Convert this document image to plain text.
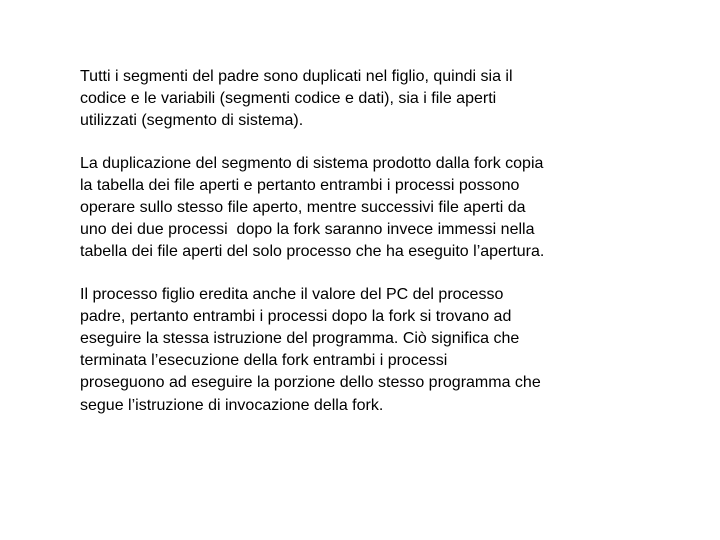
Tutti i segmenti del padre sono duplicati nel figlio, quindi sia il
codice e le variabili (segmenti codice e dati), sia i file aperti
utilizzati (segmento di sistema).

La duplicazione del segmento di sistema prodotto dalla fork copia
la tabella dei file aperti e pertanto entrambi i processi possono
operare sullo stesso file aperto, mentre successivi file aperti da
uno dei due processi  dopo la fork saranno invece immessi nella
tabella dei file aperti del solo processo che ha eseguito l’apertura.

Il processo figlio eredita anche il valore del PC del processo
padre, pertanto entrambi i processi dopo la fork si trovano ad
eseguire la stessa istruzione del programma. Ciò significa che
terminata l’esecuzione della fork entrambi i processi
proseguono ad eseguire la porzione dello stesso programma che
segue l’istruzione di invocazione della fork.
